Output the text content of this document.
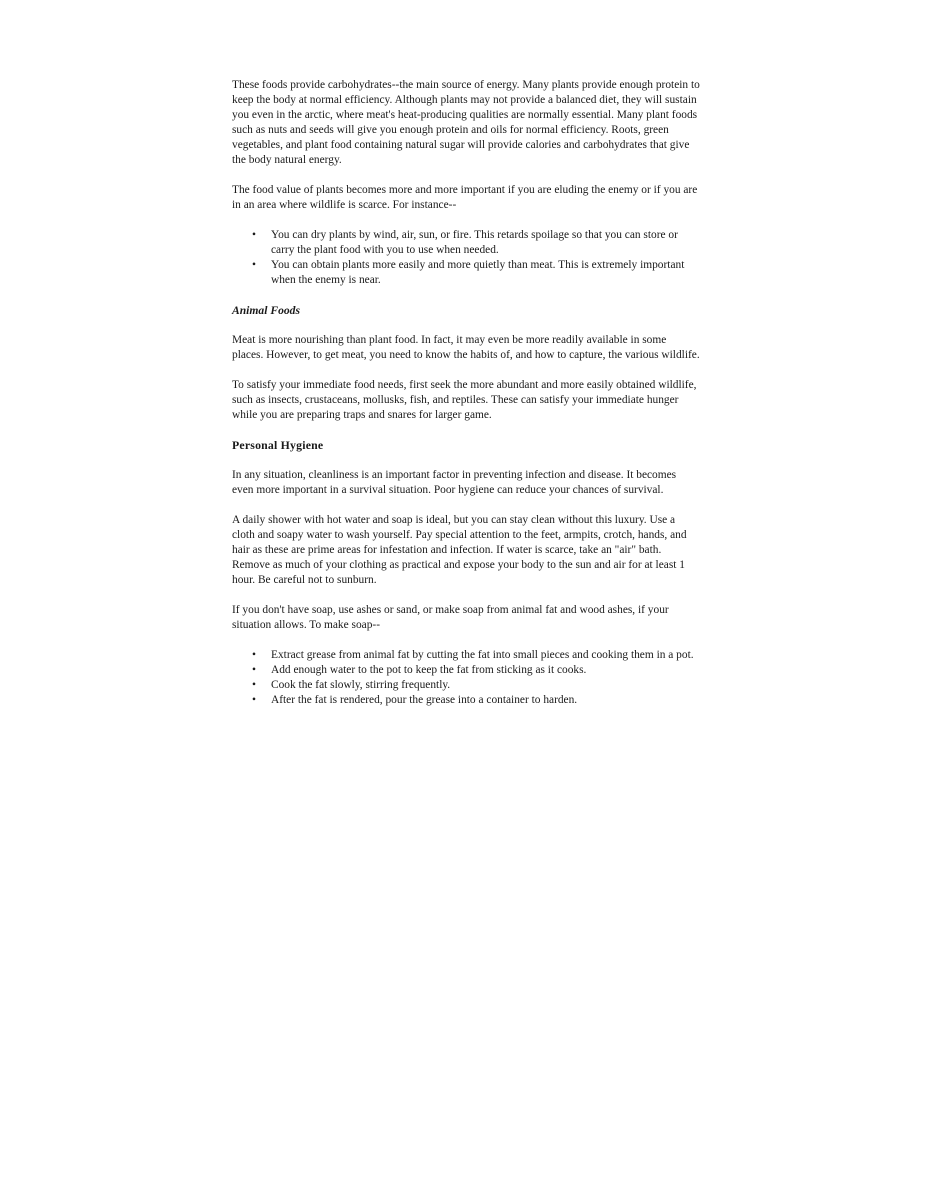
These foods provide carbohydrates--the main source of energy. Many plants provide enough protein to keep the body at normal efficiency. Although plants may not provide a balanced diet, they will sustain you even in the arctic, where meat's heat-producing qualities are normally essential. Many plant foods such as nuts and seeds will give you enough protein and oils for normal efficiency. Roots, green vegetables, and plant food containing natural sugar will provide calories and carbohydrates that give the body natural energy.

The food value of plants becomes more and more important if you are eluding the enemy or if you are in an area where wildlife is scarce. For instance--

• You can dry plants by wind, air, sun, or fire. This retards spoilage so that you can store or carry the plant food with you to use when needed.
• You can obtain plants more easily and more quietly than meat. This is extremely important when the enemy is near.

Animal Foods

Meat is more nourishing than plant food. In fact, it may even be more readily available in some places. However, to get meat, you need to know the habits of, and how to capture, the various wildlife.

To satisfy your immediate food needs, first seek the more abundant and more easily obtained wildlife, such as insects, crustaceans, mollusks, fish, and reptiles. These can satisfy your immediate hunger while you are preparing traps and snares for larger game.

Personal Hygiene

In any situation, cleanliness is an important factor in preventing infection and disease. It becomes even more important in a survival situation. Poor hygiene can reduce your chances of survival.

A daily shower with hot water and soap is ideal, but you can stay clean without this luxury. Use a cloth and soapy water to wash yourself. Pay special attention to the feet, armpits, crotch, hands, and hair as these are prime areas for infestation and infection. If water is scarce, take an "air" bath. Remove as much of your clothing as practical and expose your body to the sun and air for at least 1 hour. Be careful not to sunburn.

If you don't have soap, use ashes or sand, or make soap from animal fat and wood ashes, if your situation allows. To make soap--

• Extract grease from animal fat by cutting the fat into small pieces and cooking them in a pot.
• Add enough water to the pot to keep the fat from sticking as it cooks.
• Cook the fat slowly, stirring frequently.
• After the fat is rendered, pour the grease into a container to harden.
